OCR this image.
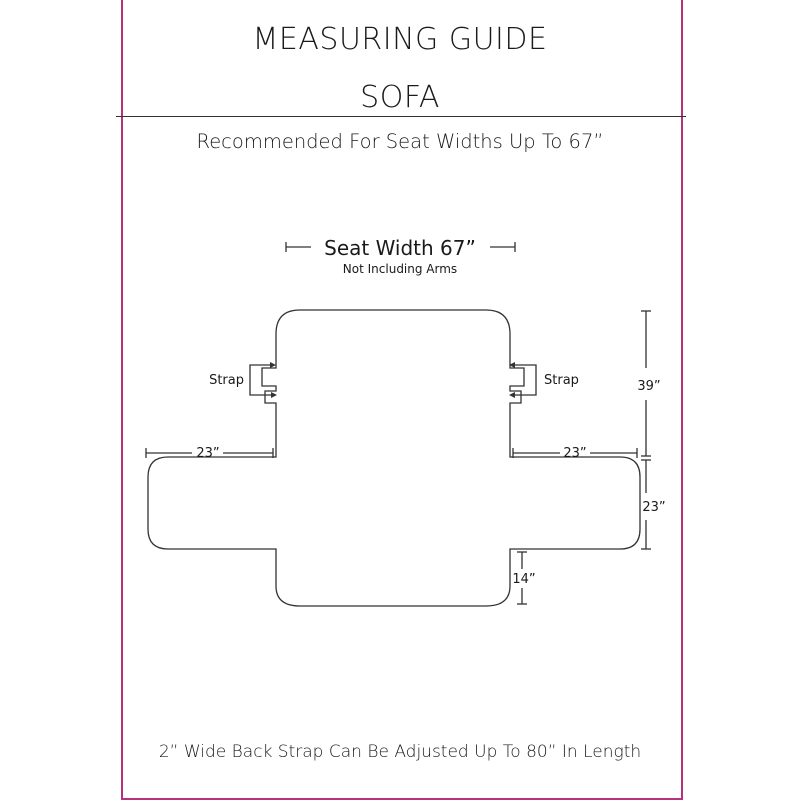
MEASURING GUIDE
SOFA
Recommended For Seat Widths Up To 67”
Seat Width 67”
Not Including Arms
Strap	Strap
23”	23”
39”
23”
14”
2” Wide Back Strap Can Be Adjusted Up To 80” In Length
